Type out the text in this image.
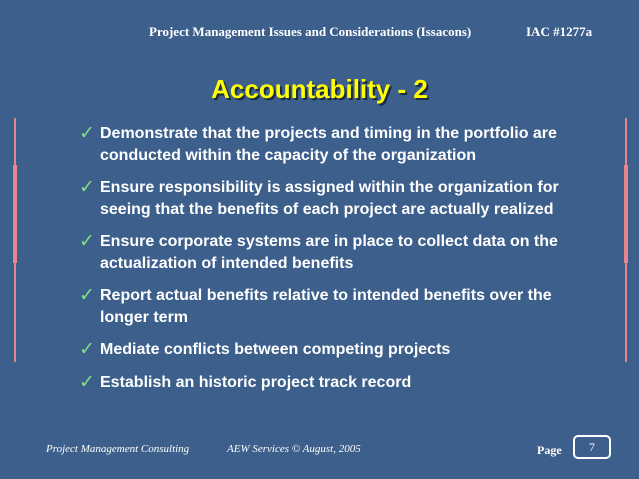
Project Management Issues and Considerations (Issacons)	IAC #1277a
Accountability - 2
✓ Demonstrate that the projects and timing in the portfolio are conducted within the capacity of the organization
✓ Ensure responsibility is assigned within the organization for seeing that the benefits of each project are actually realized
✓ Ensure corporate systems are in place to collect data on the actualization of intended benefits
✓ Report actual benefits relative to intended benefits over the longer term
✓ Mediate conflicts between competing projects
✓ Establish an historic project track record
Project Management Consulting	AEW Services © August, 2005	Page	7
